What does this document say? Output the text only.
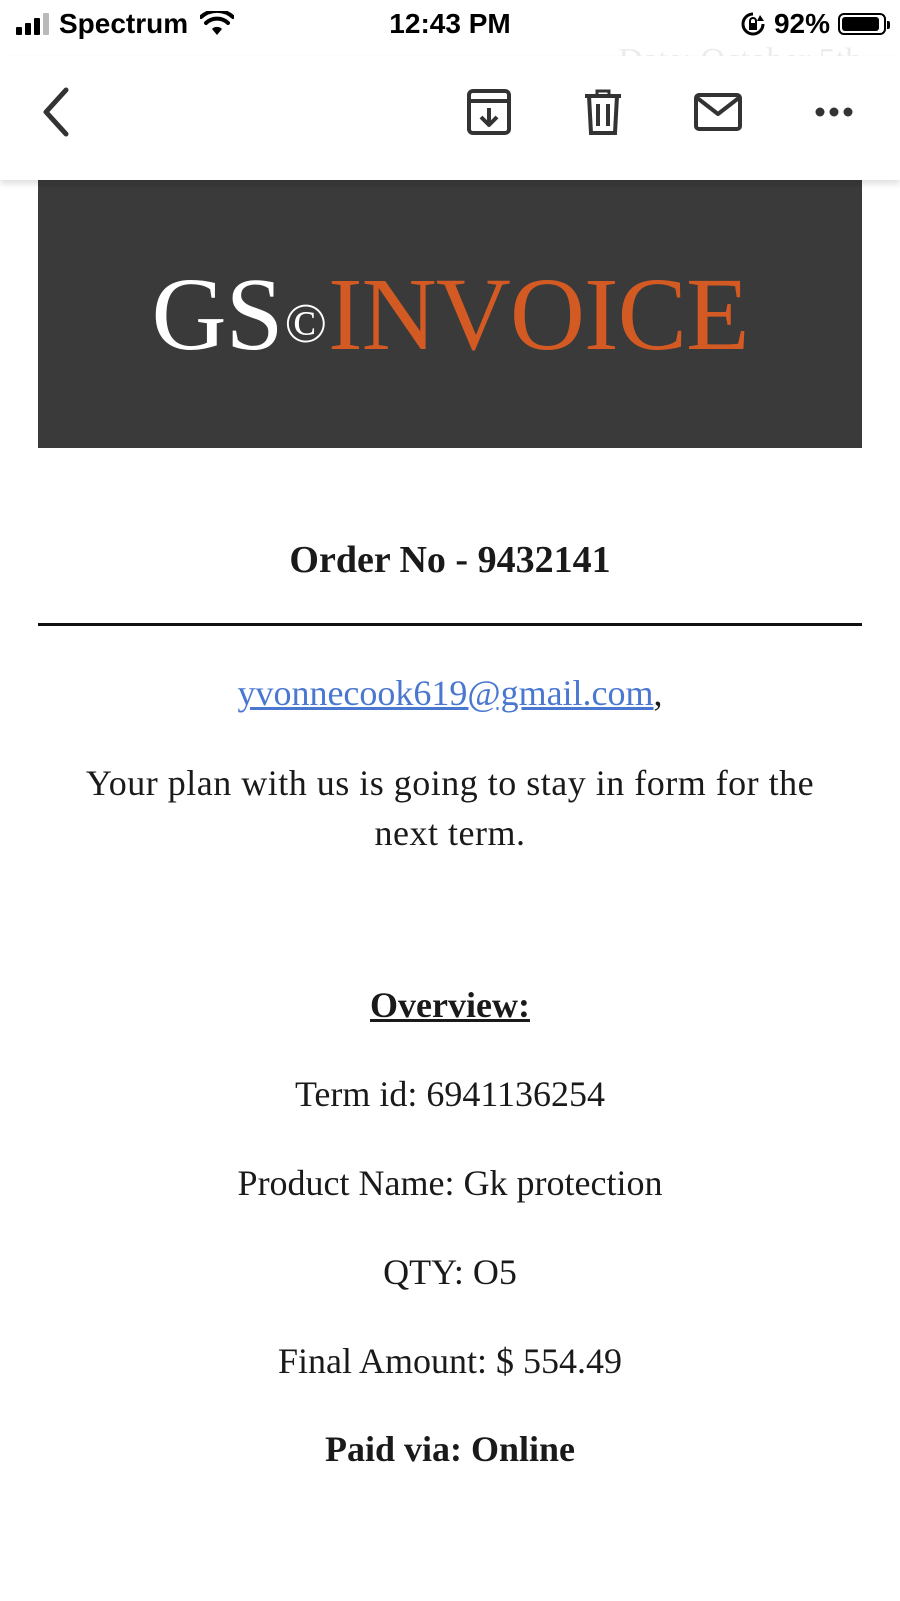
Spectrum	12:43 PM	92%
GS © INVOICE
Order No - 9432141
yvonnecook619@gmail.com,
Your plan with us is going to stay in form for the next term.
Overview:
Term id: 6941136254
Product Name: Gk protection
QTY: O5
Final Amount: $ 554.49
Paid via: Online
